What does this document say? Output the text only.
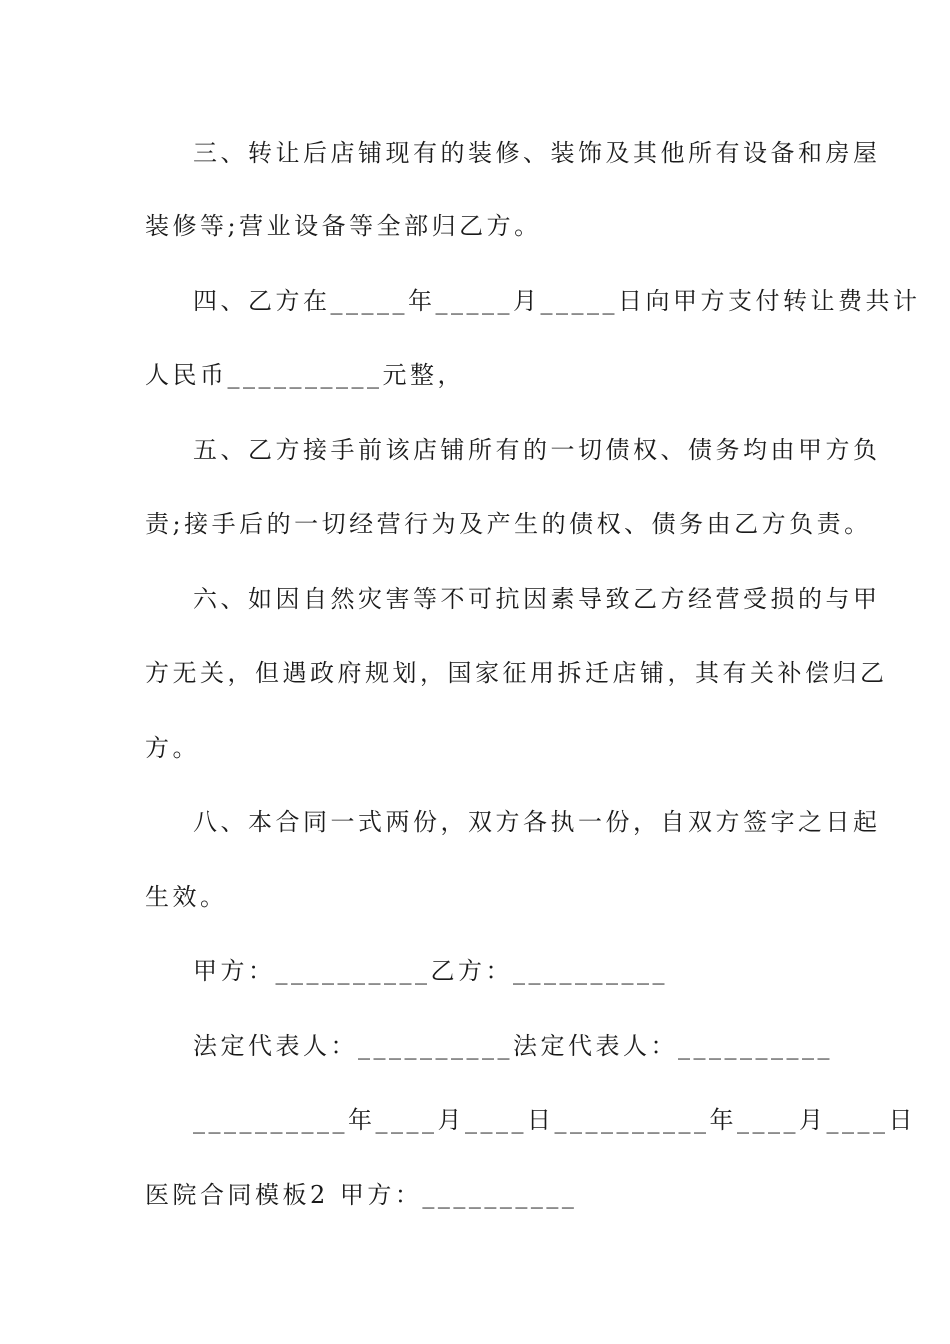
三、转让后店铺现有的装修、装饰及其他所有设备和房屋
装修等;营业设备等全部归乙方。
四、乙方在_____年_____月_____日向甲方支付转让费共计
人民币__________元整，
五、乙方接手前该店铺所有的一切债权、债务均由甲方负
责;接手后的一切经营行为及产生的债权、债务由乙方负责。
六、如因自然灾害等不可抗因素导致乙方经营受损的与甲
方无关，但遇政府规划，国家征用拆迁店铺，其有关补偿归乙
方。
八、本合同一式两份，双方各执一份，自双方签字之日起
生效。
甲方：__________乙方：__________
法定代表人：__________法定代表人：__________
__________年____月____日__________年____月____日
医院合同模板2 甲方：__________
